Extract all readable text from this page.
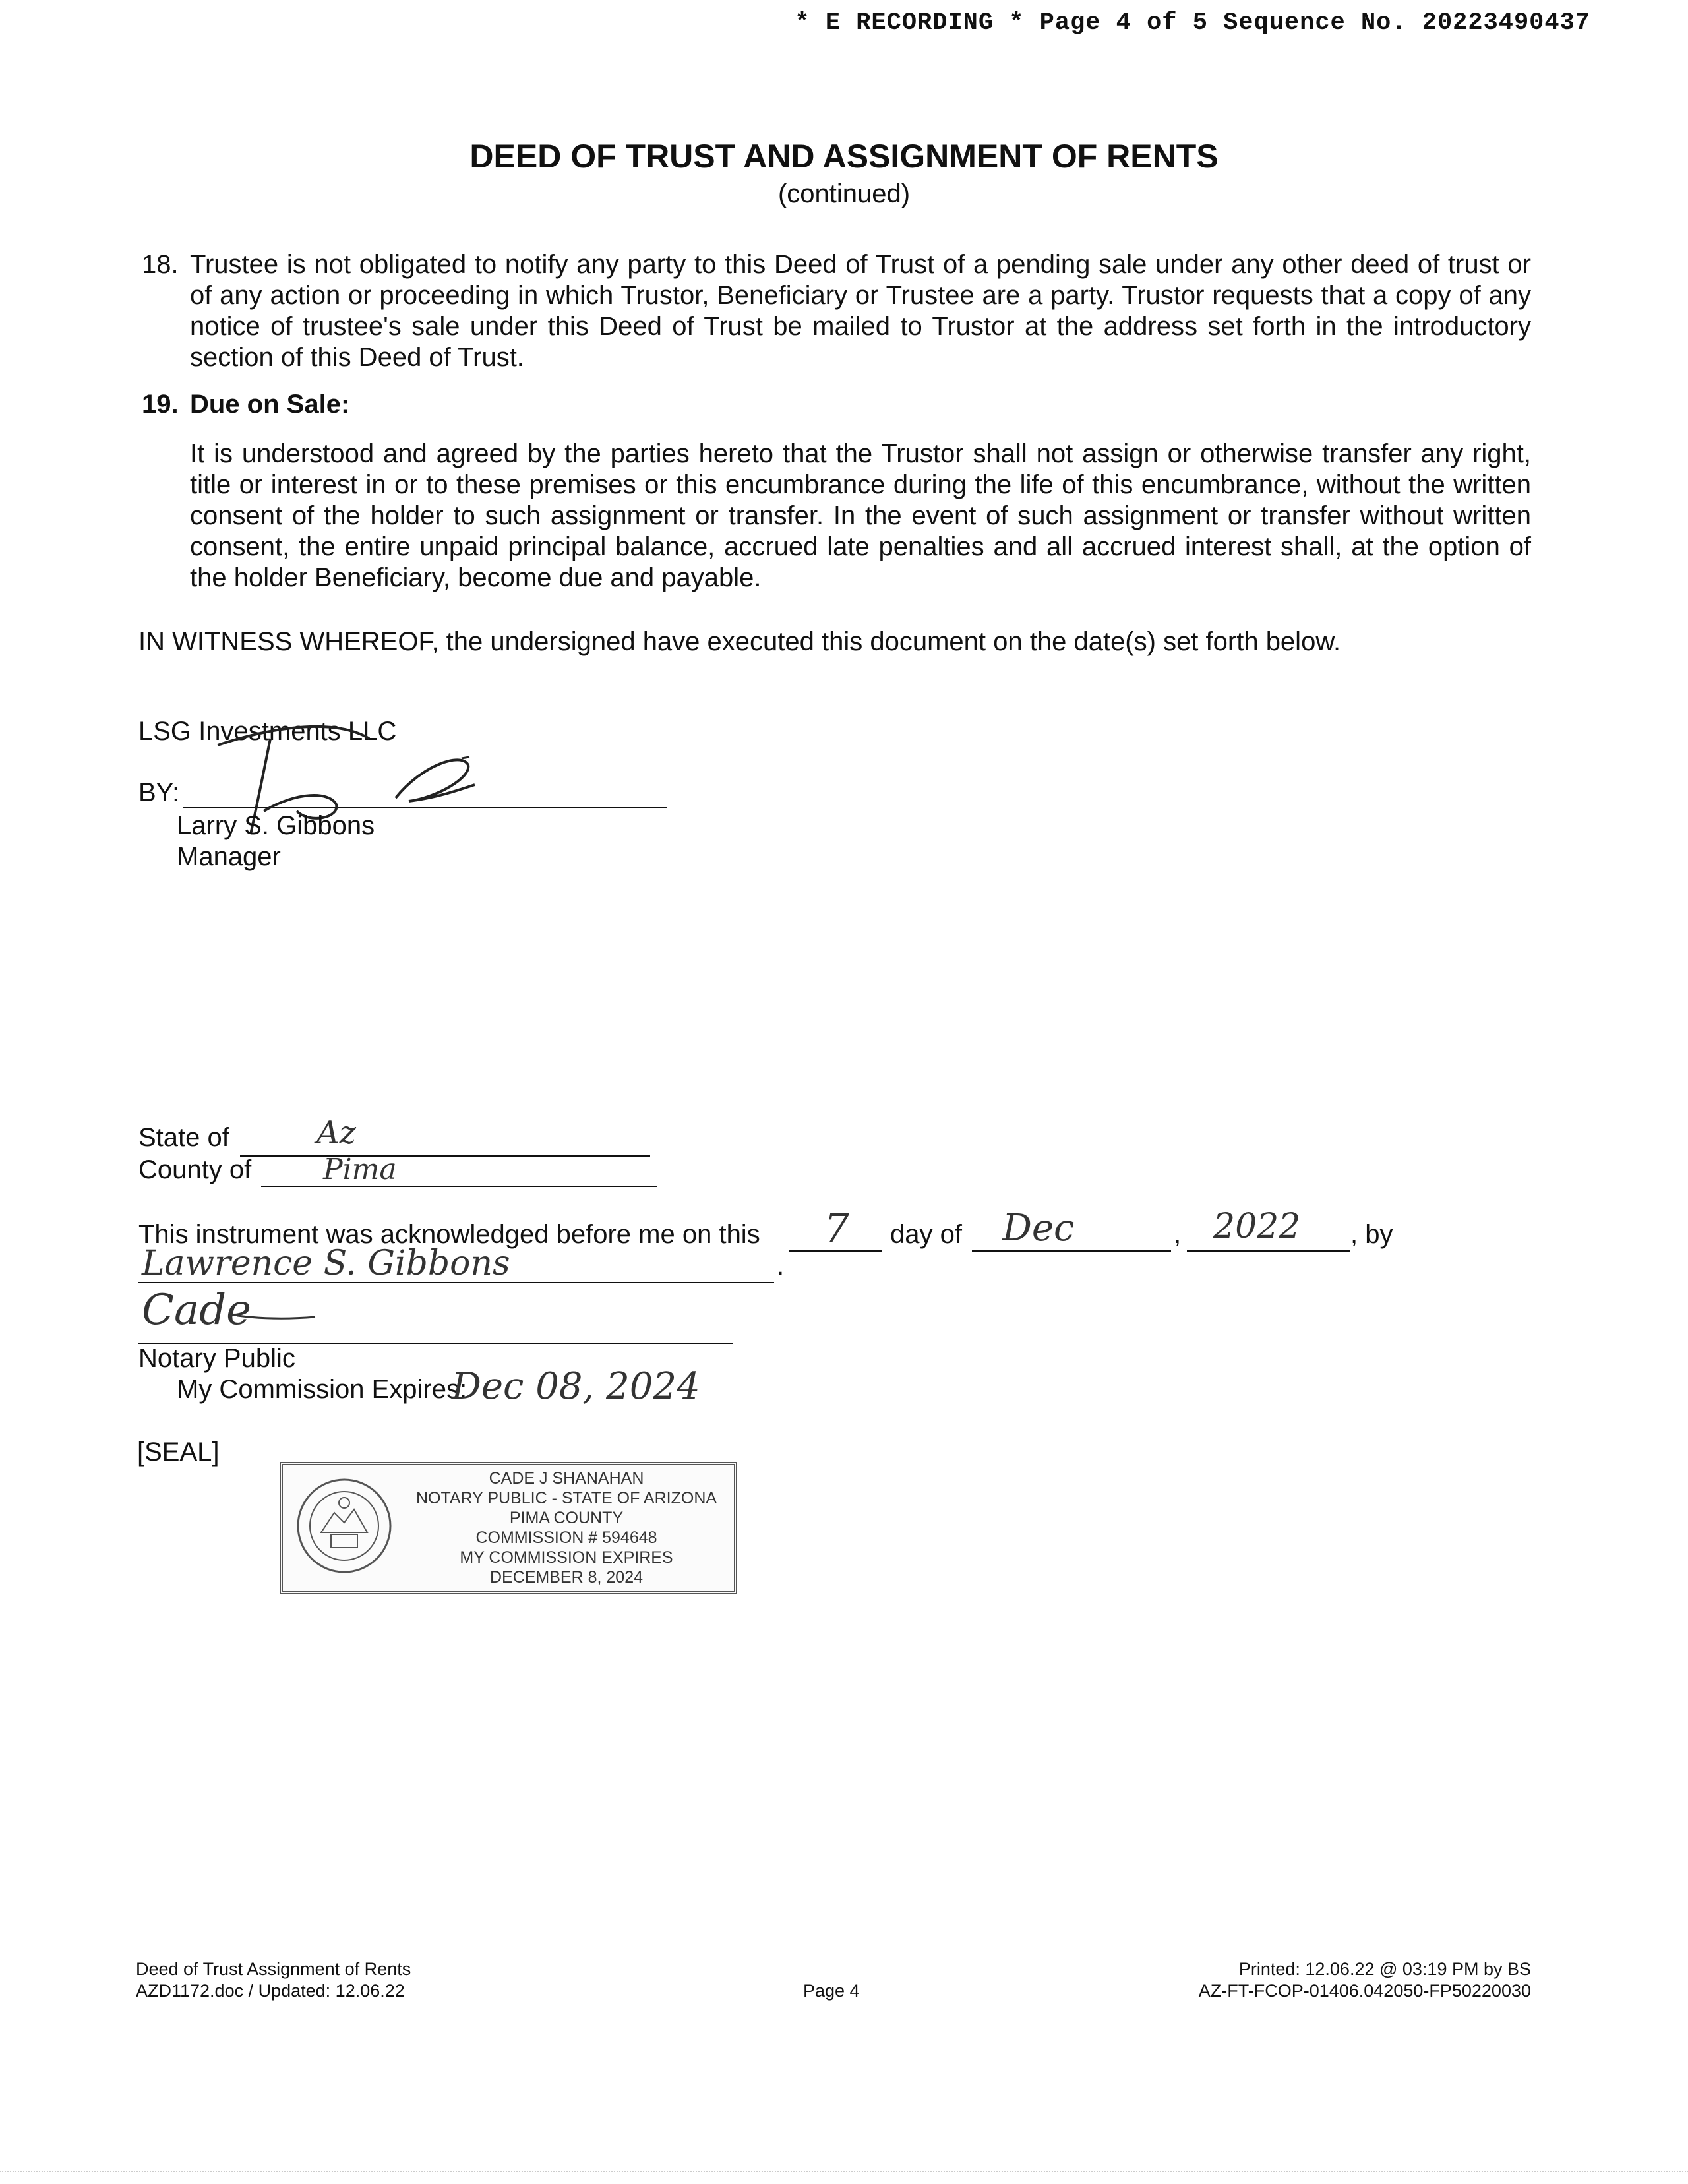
* E RECORDING * Page 4 of 5 Sequence No. 20223490437
DEED OF TRUST AND ASSIGNMENT OF RENTS
(continued)
18. Trustee is not obligated to notify any party to this Deed of Trust of a pending sale under any other deed of trust or of any action or proceeding in which Trustor, Beneficiary or Trustee are a party. Trustor requests that a copy of any notice of trustee's sale under this Deed of Trust be mailed to Trustor at the address set forth in the introductory section of this Deed of Trust.
19. Due on Sale:
It is understood and agreed by the parties hereto that the Trustor shall not assign or otherwise transfer any right, title or interest in or to these premises or this encumbrance during the life of this encumbrance, without the written consent of the holder to such assignment or transfer. In the event of such assignment or transfer without written consent, the entire unpaid principal balance, accrued late penalties and all accrued interest shall, at the option of the holder Beneficiary, become due and payable.
IN WITNESS WHEREOF, the undersigned have executed this document on the date(s) set forth below.
LSG Investments LLC
BY:
Larry S. Gibbons
Manager
State of	Az
County of Pima
This instrument was acknowledged before me on this 7 day of Dec	, 2022 , by
Lawrence S. Gibbons	.
Cade
Notary Public
My Commission Expires:
Dec 08, 2024
[SEAL]
CADE J SHANAHAN
NOTARY PUBLIC - STATE OF ARIZONA
PIMA COUNTY
COMMISSION # 594648
MY COMMISSION EXPIRES
DECEMBER 8, 2024
Deed of Trust Assignment of Rents
AZD1172.doc / Updated: 12.06.22	Page 4
Printed: 12.06.22 @ 03:19 PM by BS
AZ-FT-FCOP-01406.042050-FP50220030
